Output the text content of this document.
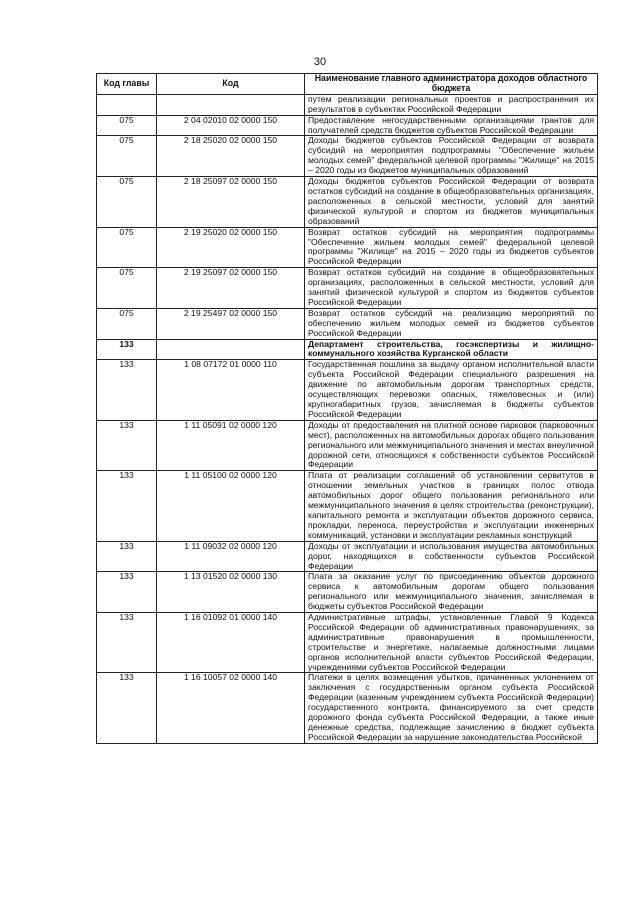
30
Код главы	Код	Наименование главного администратора доходов областного бюджета
		путем реализации региональных проектов и распространения их результатов в субъектах Российской Федерации
075	2 04 02010 02 0000 150	Предоставление негосударственными организациями грантов для получателей средств бюджетов субъектов Российской Федерации
075	2 18 25020 02 0000 150	Доходы бюджетов субъектов Российской Федерации от возврата субсидий на мероприятия подпрограммы "Обеспечение жильем молодых семей" федеральной целевой программы "Жилище" на 2015 – 2020 годы из бюджетов муниципальных образований
075	2 18 25097 02 0000 150	Доходы бюджетов субъектов Российской Федерации от возврата остатков субсидий на создание в общеобразовательных организациях, расположенных в сельской местности, условий для занятий физической культурой и спортом из бюджетов муниципальных образований
075	2 19 25020 02 0000 150	Возврат остатков субсидий на мероприятия подпрограммы "Обеспечение жильем молодых семей" федеральной целевой программы "Жилище" на 2015 – 2020 годы из бюджетов субъектов Российской Федерации
075	2 19 25097 02 0000 150	Возврат остатков субсидий на создание в общеобразовательных организациях, расположенных в сельской местности, условий для занятий физической культурой и спортом из бюджетов субъектов Российской Федерации
075	2 19 25497 02 0000 150	Возврат остатков субсидий на реализацию мероприятий по обеспечению жильем молодых семей из бюджетов субъектов Российской Федерации
133		Департамент строительства, госэкспертизы и жилищно-коммунального хозяйства Курганской области
133	1 08 07172 01 0000 110	Государственная пошлина за выдачу органом исполнительной власти субъекта Российской Федерации специального разрешения на движение по автомобильным дорогам транспортных средств, осуществляющих перевозки опасных, тяжеловесных и (или) крупногабаритных грузов, зачисляемая в бюджеты субъектов Российской Федерации
133	1 11 05091 02 0000 120	Доходы от предоставления на платной основе парковок (парковочных мест), расположенных на автомобильных дорогах общего пользования регионального или межмуниципального значения и местах внеуличной дорожной сети, относящихся к собственности субъектов Российской Федерации
133	1 11 05100 02 0000 120	Плата от реализации соглашений об установлении сервитутов в отношении земельных участков в границах полос отвода автомобильных дорог общего пользования регионального или межмуниципального значения в целях строительства (реконструкции), капитального ремонта и эксплуатации объектов дорожного сервиса, прокладки, переноса, переустройства и эксплуатации инженерных коммуникаций, установки и эксплуатации рекламных конструкций
133	1 11 09032 02 0000 120	Доходы от эксплуатации и использования имущества автомобильных дорог, находящихся в собственности субъектов Российской Федерации
133	1 13 01520 02 0000 130	Плата за оказание услуг по присоединению объектов дорожного сервиса к автомобильным дорогам общего пользования регионального или межмуниципального значения, зачисляемая в бюджеты субъектов Российской Федерации
133	1 16 01092 01 0000 140	Административные штрафы, установленные Главой 9 Кодекса Российской Федерации об административных правонарушениях, за административные правонарушения в промышленности, строительстве и энергетике, налагаемые должностными лицами органов исполнительной власти субъектов Российской Федерации, учреждениями субъектов Российской Федерации
133	1 16 10057 02 0000 140	Платежи в целях возмещения убытков, причиненных уклонением от заключения с государственным органом субъекта Российской Федерации (казенным учреждением субъекта Российской Федерации) государственного контракта, финансируемого за счет средств дорожного фонда субъекта Российской Федерации, а также иные денежные средства, подлежащие зачислению в бюджет субъекта Российской Федерации за нарушение законодательства Российской
